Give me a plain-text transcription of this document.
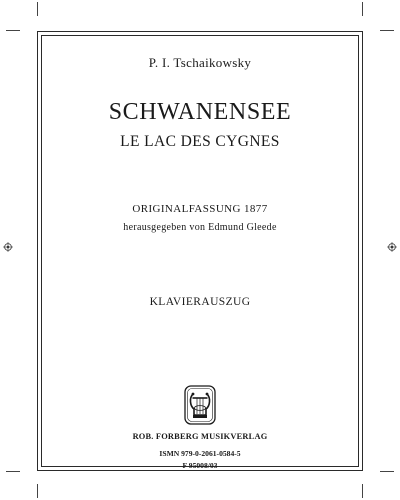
P. I. Tschaikowsky
SCHWANENSEE
LE LAC DES CYGNES
ORIGINALFASSUNG 1877
herausgegeben von Edmund Gleede
KLAVIERAUSZUG
ROB. FORBERG MUSIKVERLAG
ISMN 979-0-2061-0584-5
F 95008/03
